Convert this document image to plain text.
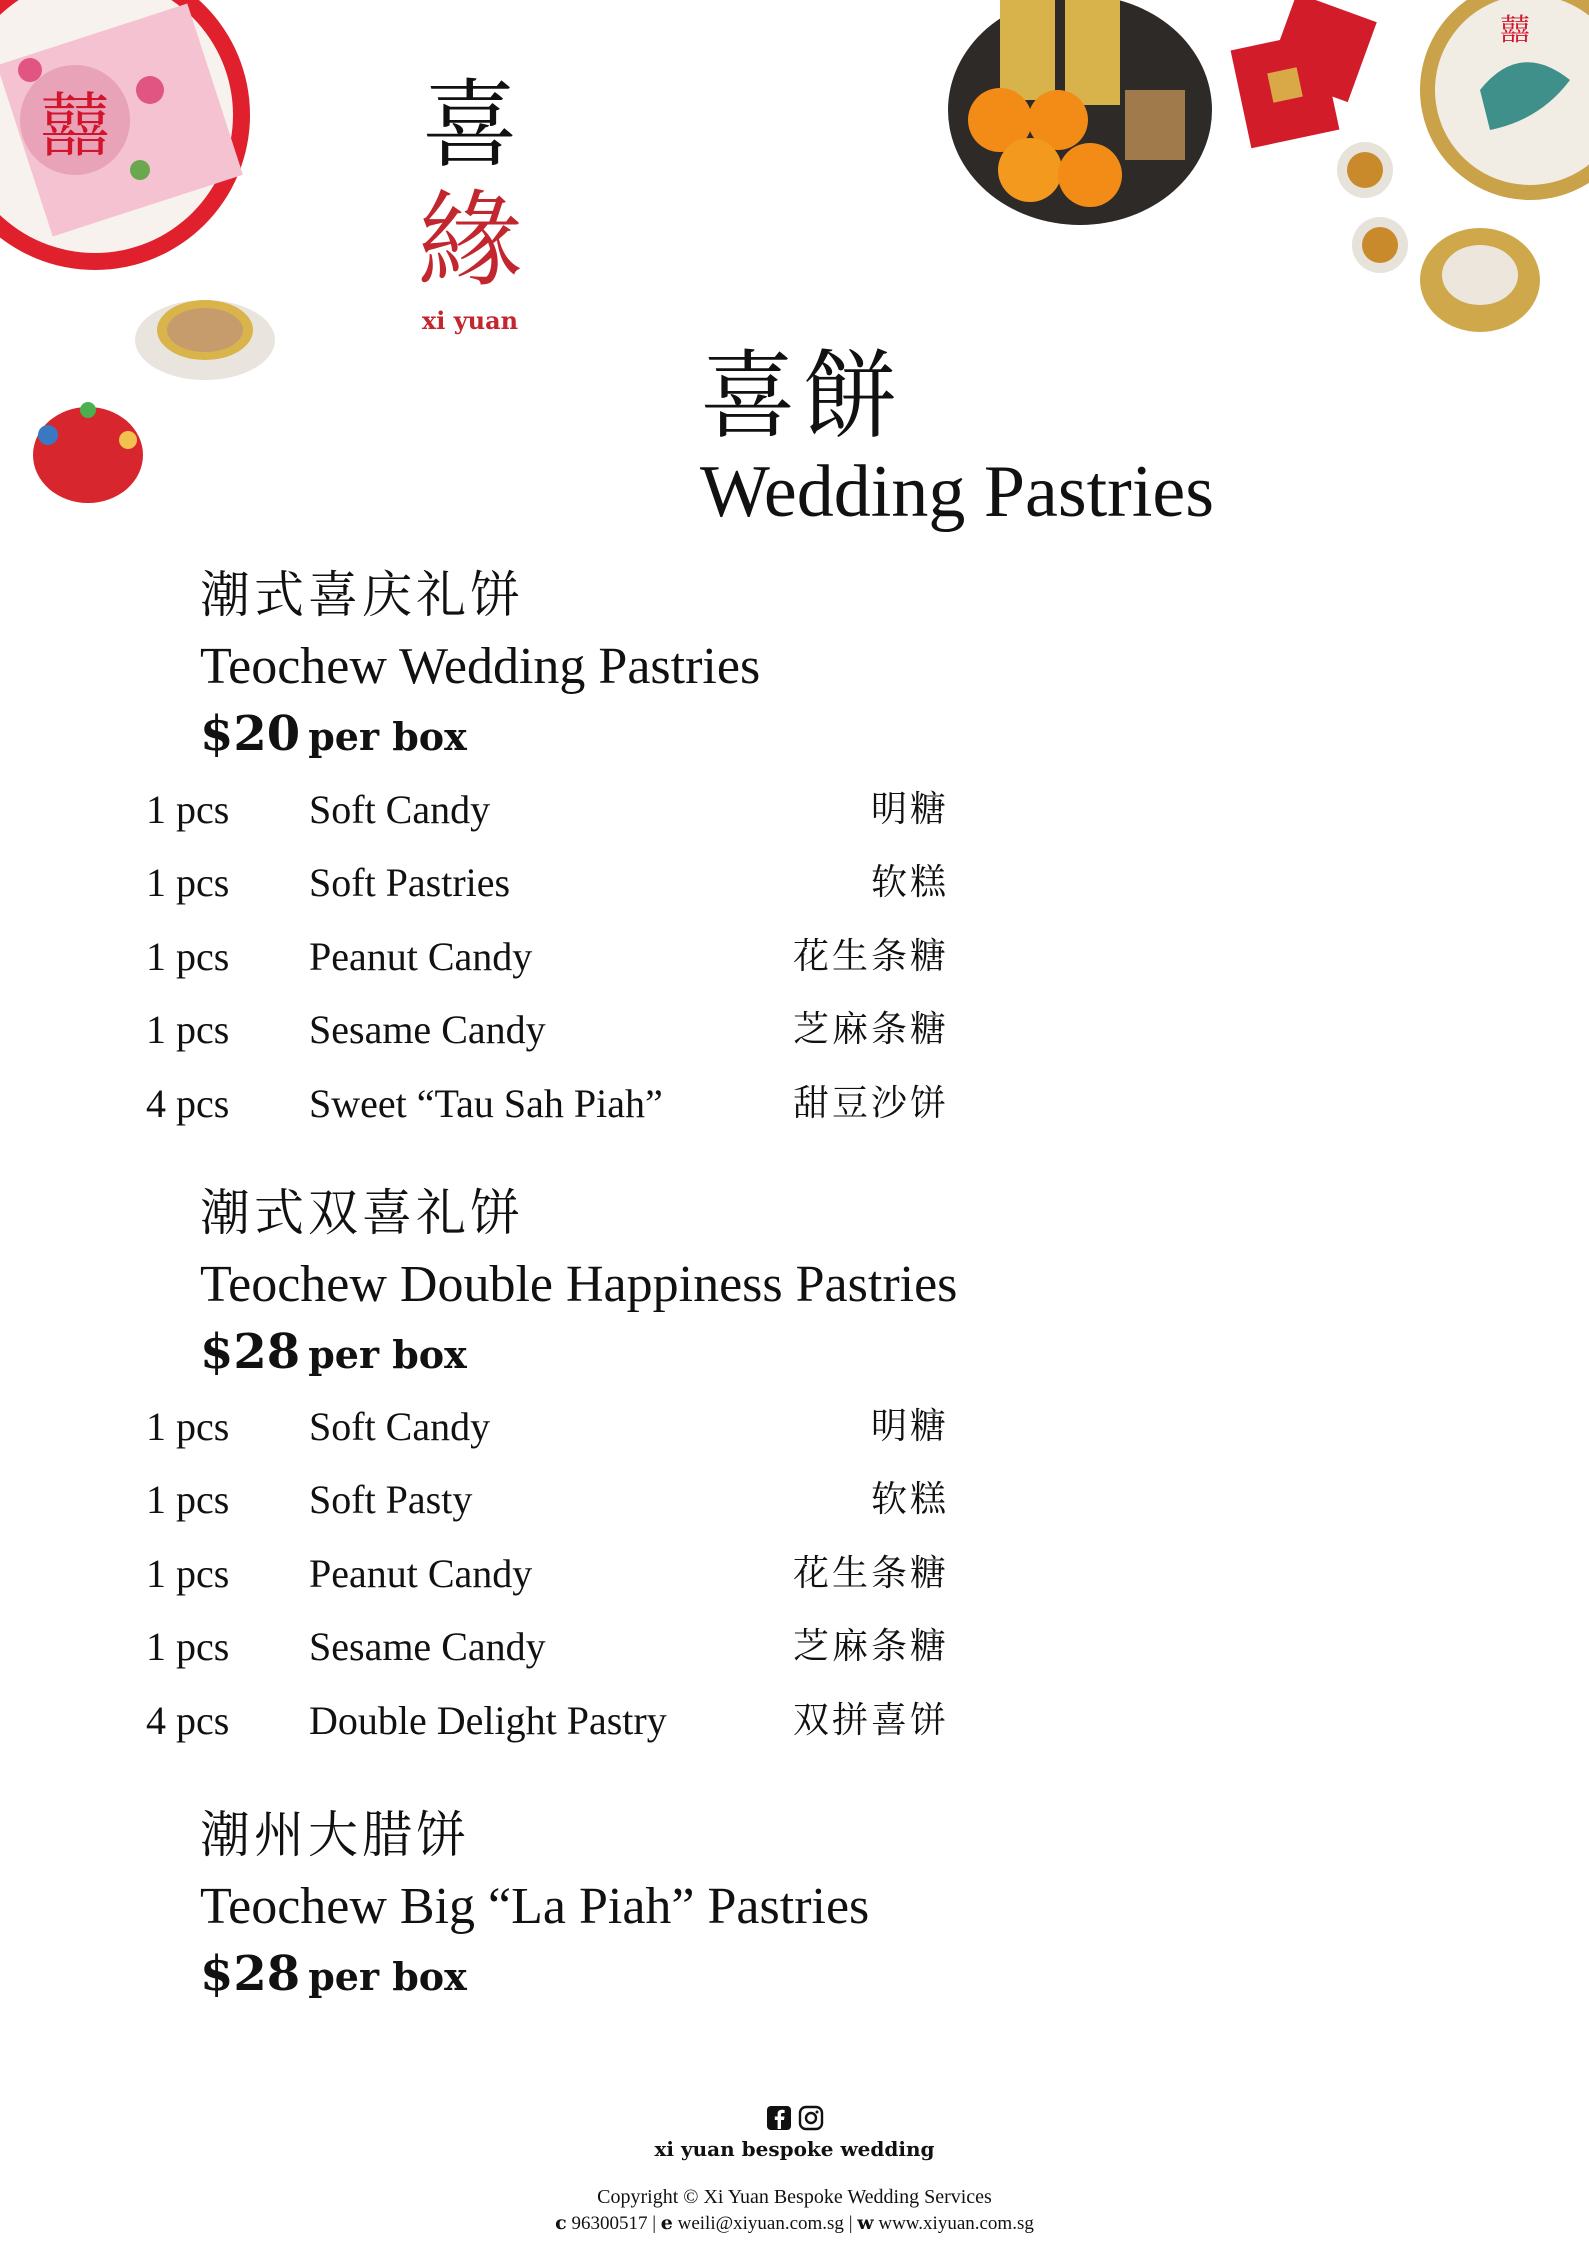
囍
囍
喜
緣
xi yuan
喜餅
Wedding Pastries
潮式喜庆礼饼
Teochew Wedding Pastries
$20 per box
1 pcs Soft Candy	明糖
1 pcs Soft Pastries	软糕
1 pcs Peanut Candy	花生条糖
1 pcs Sesame Candy	芝麻条糖
4 pcs Sweet “Tau Sah Piah”	甜豆沙饼
潮式双喜礼饼
Teochew Double Happiness Pastries
$28 per box
1 pcs Soft Candy	明糖
1 pcs Soft Pasty	软糕
1 pcs Peanut Candy	花生条糖
1 pcs Sesame Candy	芝麻条糖
4 pcs Double Delight Pastry	双拼喜饼
潮州大腊饼
Teochew Big “La Piah” Pastries
$28 per box
xi yuan bespoke wedding
Copyright © Xi Yuan Bespoke Wedding Services
c 96300517 | e weili@xiyuan.com.sg | w www.xiyuan.com.sg
